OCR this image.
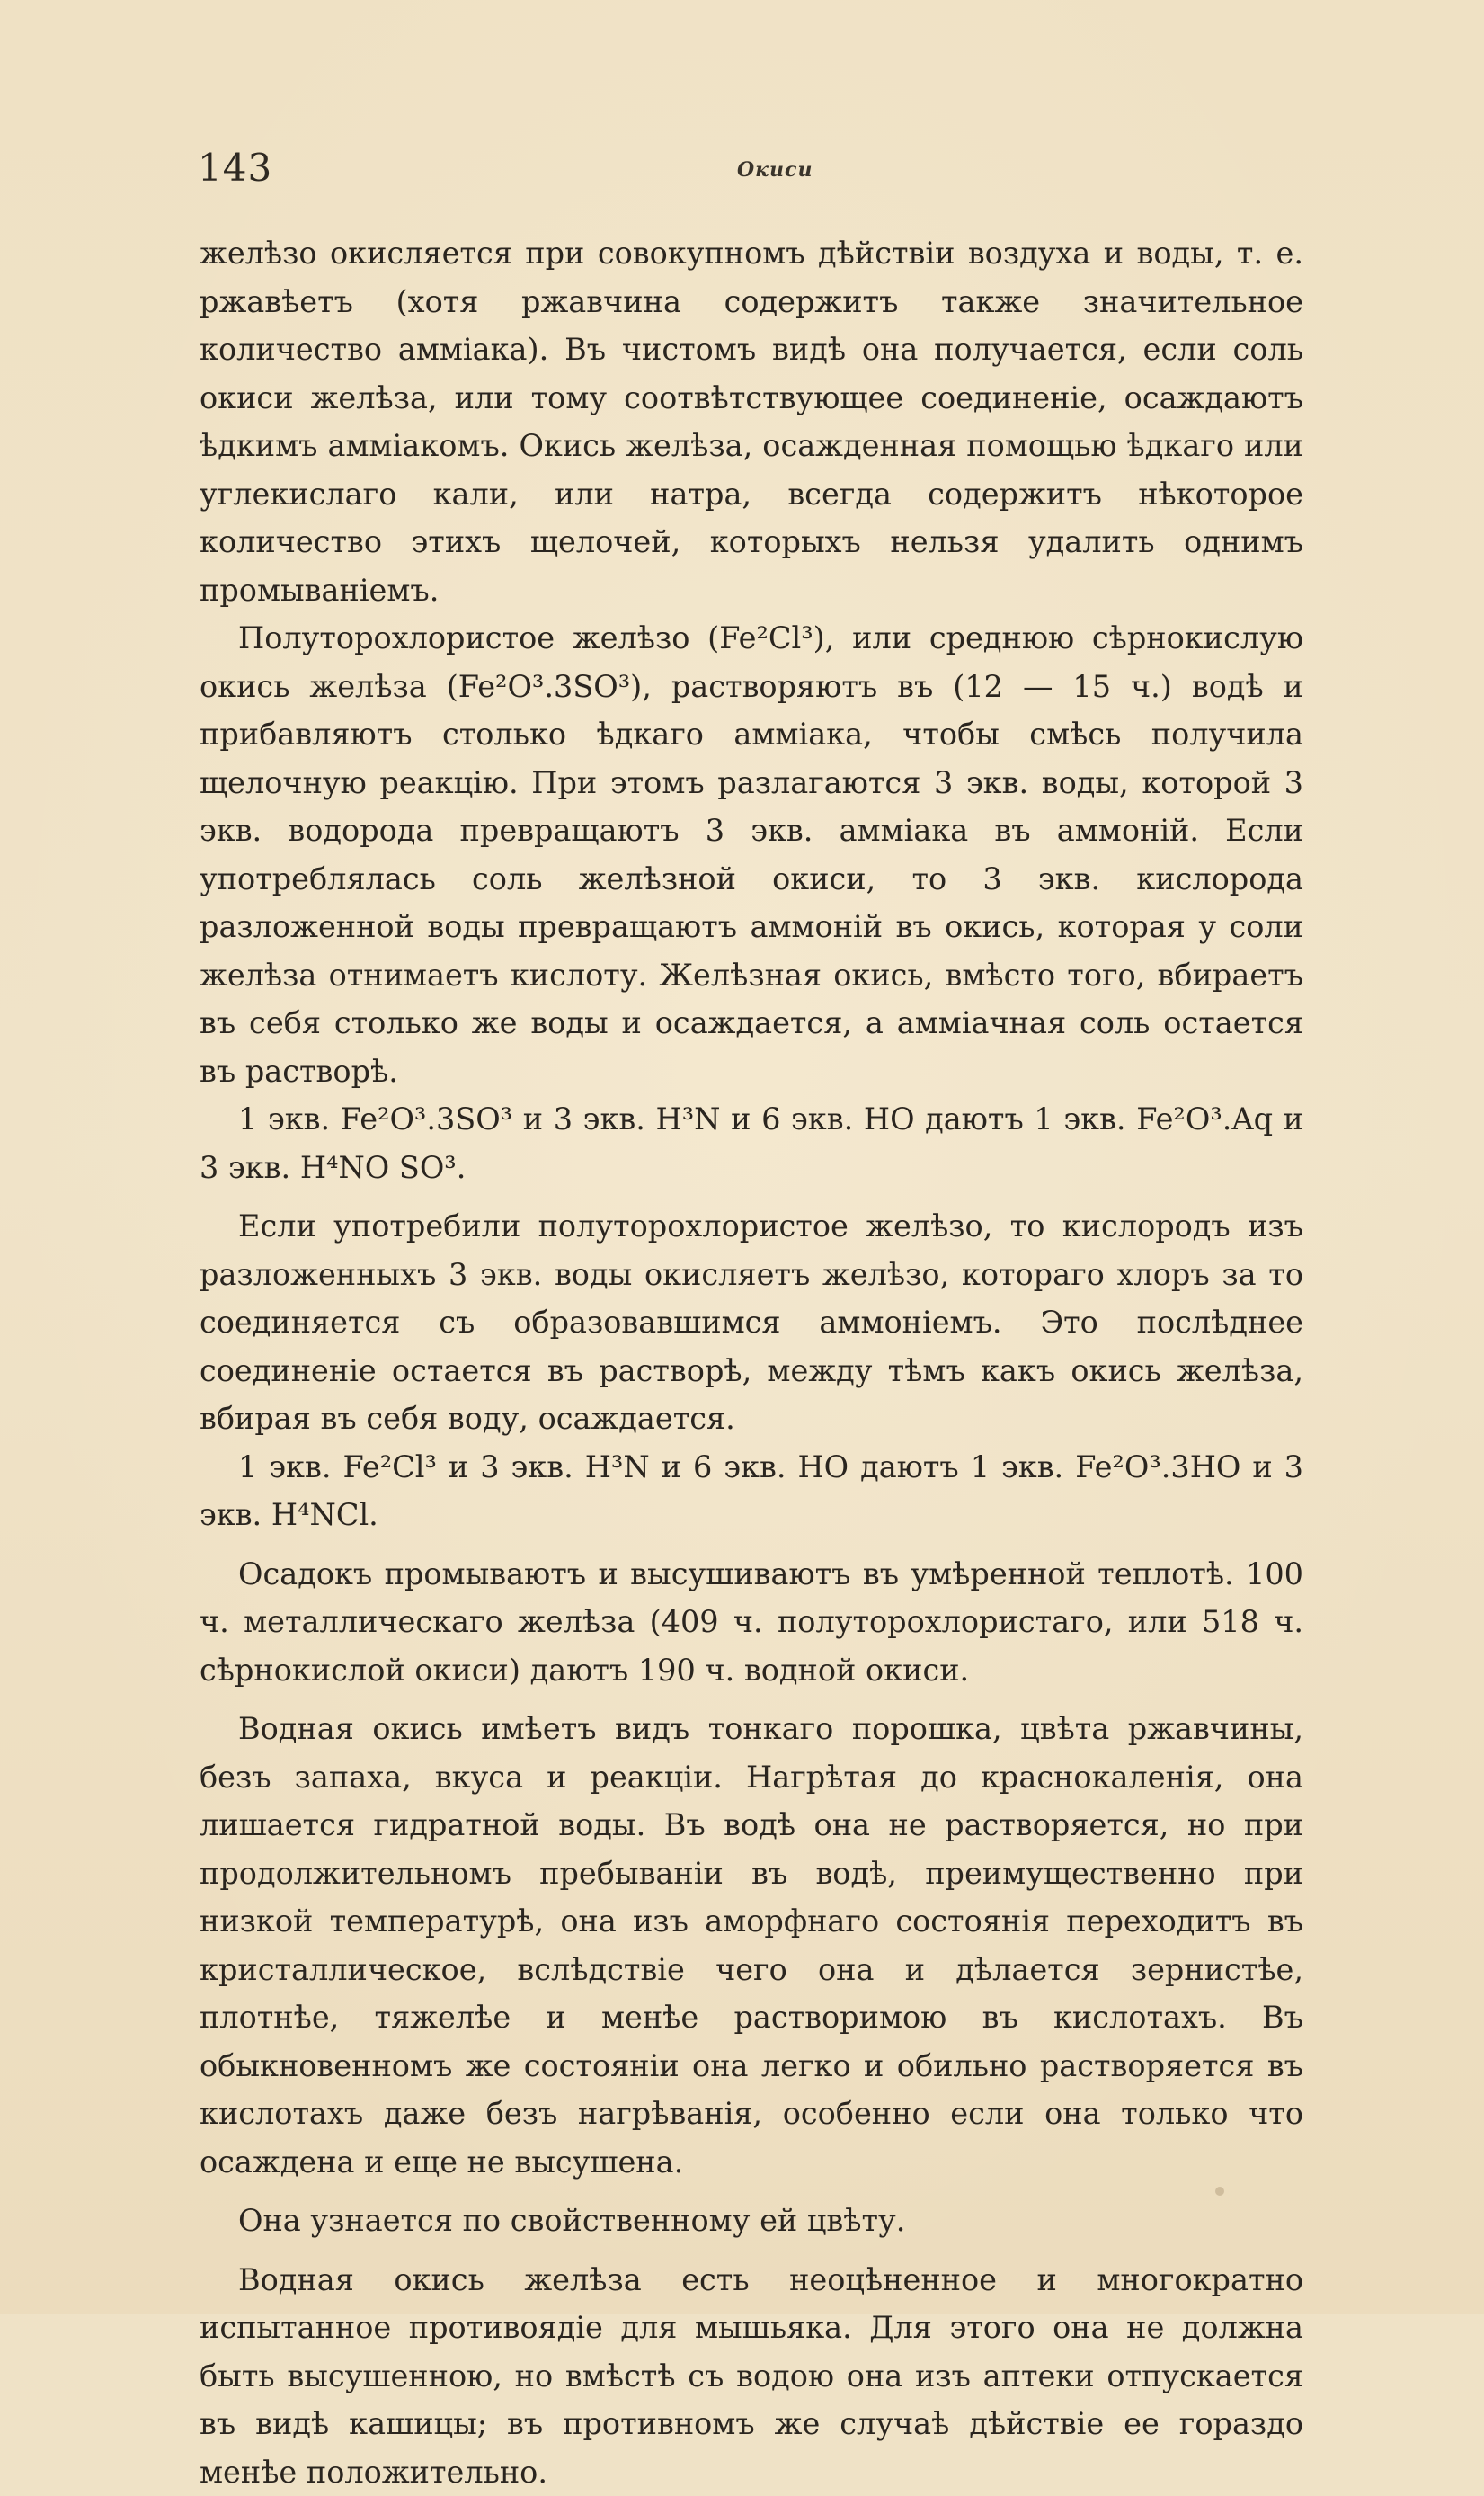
143	Окиси

желѣзо окисляется при совокупномъ дѣйствіи воздуха и воды, т. е. ржавѣетъ (хотя ржавчина содержитъ также значительное количество амміака). Въ чистомъ видѣ она получается, если соль окиси желѣза, или тому соотвѣтствующее соединеніе, осаждаютъ ѣдкимъ амміакомъ. Окись желѣза, осажденная помощью ѣдкаго или углекислаго кали, или натра, всегда содержитъ нѣкоторое количество этихъ щелочей, которыхъ нельзя удалить однимъ промываніемъ.

Полуторохлористое желѣзо (Fe²Cl³), или среднюю сѣрнокислую окись желѣза (Fe²O³.3SO³), растворяютъ въ (12 — 15 ч.) водѣ и прибавляютъ столько ѣдкаго амміака, чтобы смѣсь получила щелочную реакцію. При этомъ разлагаются 3 экв. воды, которой 3 экв. водорода превращаютъ 3 экв. амміака въ аммоній. Если употреблялась соль желѣзной окиси, то 3 экв. кислорода разложенной воды превращаютъ аммоній въ окись, которая у соли желѣза отнимаетъ кислоту. Желѣзная окись, вмѣсто того, вбираетъ въ себя столько же воды и осаждается, а амміачная соль остается въ растворѣ.

1 экв. Fe²O³.3SO³ и 3 экв. H³N и 6 экв. HO даютъ 1 экв. Fe²O³.Aq и 3 экв. H⁴NO SO³.

Если употребили полуторохлористое желѣзо, то кислородъ изъ разложенныхъ 3 экв. воды окисляетъ желѣзо, котораго хлоръ за то соединяется съ образовавшимся аммоніемъ. Это послѣднее соединеніе остается въ растворѣ, между тѣмъ какъ окись желѣза, вбирая въ себя воду, осаждается.

1 экв. Fe²Cl³ и 3 экв. H³N и 6 экв. HO даютъ 1 экв. Fe²O³.3HO и 3 экв. H⁴NCl.

Осадокъ промываютъ и высушиваютъ въ умѣренной теплотѣ. 100 ч. металлическаго желѣза (409 ч. полуторохлористаго, или 518 ч. сѣрнокислой окиси) даютъ 190 ч. водной окиси.

Водная окись имѣетъ видъ тонкаго порошка, цвѣта ржавчины, безъ запаха, вкуса и реакціи. Нагрѣтая до краснокаленія, она лишается гидратной воды. Въ водѣ она не растворяется, но при продолжительномъ пребываніи въ водѣ, преимущественно при низкой температурѣ, она изъ аморфнаго состоянія переходитъ въ кристаллическое, вслѣдствіе чего она и дѣлается зернистѣе, плотнѣе, тяжелѣе и менѣе растворимою въ кислотахъ. Въ обыкновенномъ же состояніи она легко и обильно растворяется въ кислотахъ даже безъ нагрѣванія, особенно если она только что осаждена и еще не высушена.

Она узнается по свойственному ей цвѣту.

Водная окись желѣза есть неоцѣненное и многократно испытанное противоядіе для мышьяка. Для этого она не должна быть высушенною, но вмѣстѣ съ водою она изъ аптеки отпускается въ видѣ кашицы; въ противномъ же случаѣ дѣйствіе ее гораздо менѣе положительно.
